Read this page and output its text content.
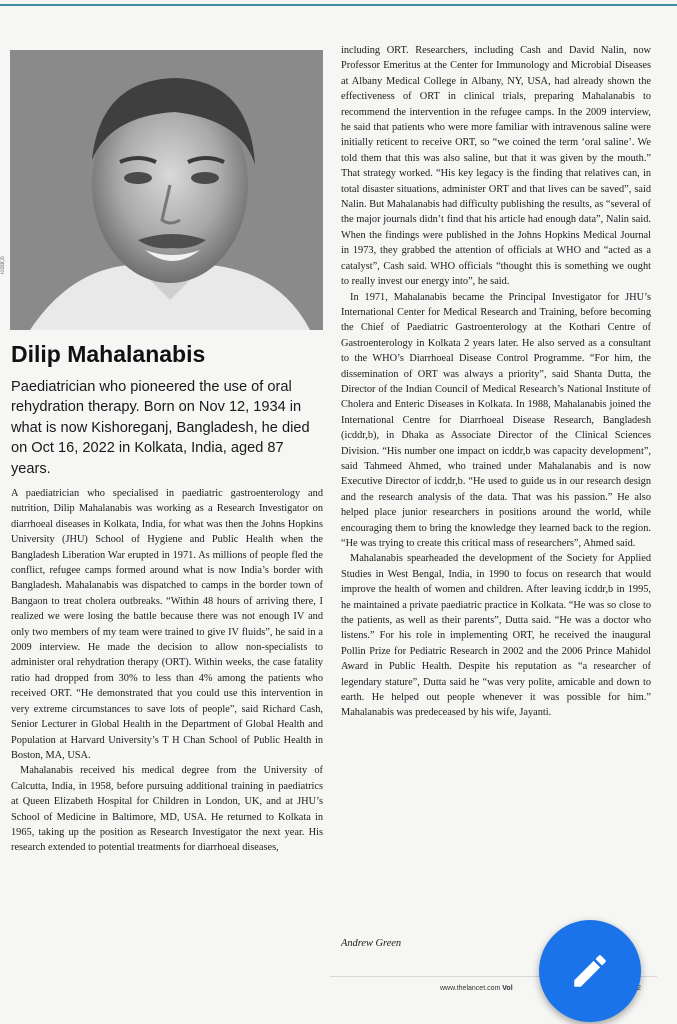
icddr,b
Dilip Mahalanabis

Paediatrician who pioneered the use of oral rehydration therapy. Born on Nov 12, 1934 in what is now Kishoreganj, Bangladesh, he died on Oct 16, 2022 in Kolkata, India, aged 87 years.

A paediatrician who specialised in paediatric gastroenterology and nutrition, Dilip Mahalanabis was working as a Research Investigator on diarrhoeal diseases in Kolkata, India, for what was then the Johns Hopkins University (JHU) School of Hygiene and Public Health when the Bangladesh Liberation War erupted in 1971. As millions of people fled the conflict, refugee camps formed around what is now India’s border with Bangladesh. Mahalanabis was dispatched to camps in the border town of Bangaon to treat cholera outbreaks. “Within 48 hours of arriving there, I realized we were losing the battle because there was not enough IV and only two members of my team were trained to give IV fluids”, he said in a 2009 interview. He made the decision to allow non-specialists to administer oral rehydration therapy (ORT). Within weeks, the case fatality ratio had dropped from 30% to less than 4% among the patients who received ORT. “He demonstrated that you could use this intervention in very extreme circumstances to save lots of people”, said Richard Cash, Senior Lecturer in Global Health in the Department of Global Health and Population at Harvard University’s T H Chan School of Public Health in Boston, MA, USA.

Mahalanabis received his medical degree from the University of Calcutta, India, in 1958, before pursuing additional training in paediatrics at Queen Elizabeth Hospital for Children in London, UK, and at JHU’s School of Medicine in Baltimore, MD, USA. He returned to Kolkata in 1965, taking up the position as Research Investigator the next year. His research extended to potential treatments for diarrhoeal diseases,

including ORT. Researchers, including Cash and David Nalin, now Professor Emeritus at the Center for Immunology and Microbial Diseases at Albany Medical College in Albany, NY, USA, had already shown the effectiveness of ORT in clinical trials, preparing Mahalanabis to recommend the intervention in the refugee camps. In the 2009 interview, he said that patients who were more familiar with intravenous saline were initially reticent to receive ORT, so “we coined the term ‘oral saline’. We told them that this was also saline, but that it was given by the mouth.” That strategy worked. “His key legacy is the finding that relatives can, in total disaster situations, administer ORT and that lives can be saved”, said Nalin. But Mahalanabis had difficulty publishing the results, as “several of the major journals didn’t find that his article had enough data”, Nalin said. When the findings were published in the Johns Hopkins Medical Journal in 1973, they grabbed the attention of officials at WHO and “acted as a catalyst”, Cash said. WHO officials “thought this is something we ought to really invest our energy into”, he said.

In 1971, Mahalanabis became the Principal Investigator for JHU’s International Center for Medical Research and Training, before becoming the Chief of Paediatric Gastroenterology at the Kothari Centre of Gastroenterology in Kolkata 2 years later. He also served as a consultant to the WHO’s Diarrhoeal Disease Control Programme. “For him, the dissemination of ORT was always a priority”, said Shanta Dutta, the Director of the Indian Council of Medical Research’s National Institute of Cholera and Enteric Diseases in Kolkata. In 1988, Mahalanabis joined the International Centre for Diarrhoeal Disease Research, Bangladesh (icddr,b), in Dhaka as Associate Director of the Clinical Sciences Division. “His number one impact on icddr,b was capacity development”, said Tahmeed Ahmed, who trained under Mahalanabis and is now Executive Director of icddr,b. “He used to guide us in our research design and the research analysis of the data. That was his passion.” He also helped place junior researchers in positions around the world, while encouraging them to bring the knowledge they learned back to the region. “He was trying to create this critical mass of researchers”, Ahmed said.

Mahalanabis spearheaded the development of the Society for Applied Studies in West Bengal, India, in 1990 to focus on research that would improve the health of women and children. After leaving icddr,b in 1995, he maintained a private paediatric practice in Kolkata. “He was so close to the patients, as well as their parents”, Dutta said. “He was a doctor who listens.” For his role in implementing ORT, he received the inaugural Pollin Prize for Pediatric Research in 2002 and the 2006 Prince Mahidol Award in Public Health. Despite his reputation as “a researcher of legendary stature”, Dutta said he “was very polite, amicable and down to earth. He helped out people whenever it was possible for him.” Mahalanabis was predeceased by his wife, Jayanti.

Andrew Green
www.thelancet.com Vol	2
